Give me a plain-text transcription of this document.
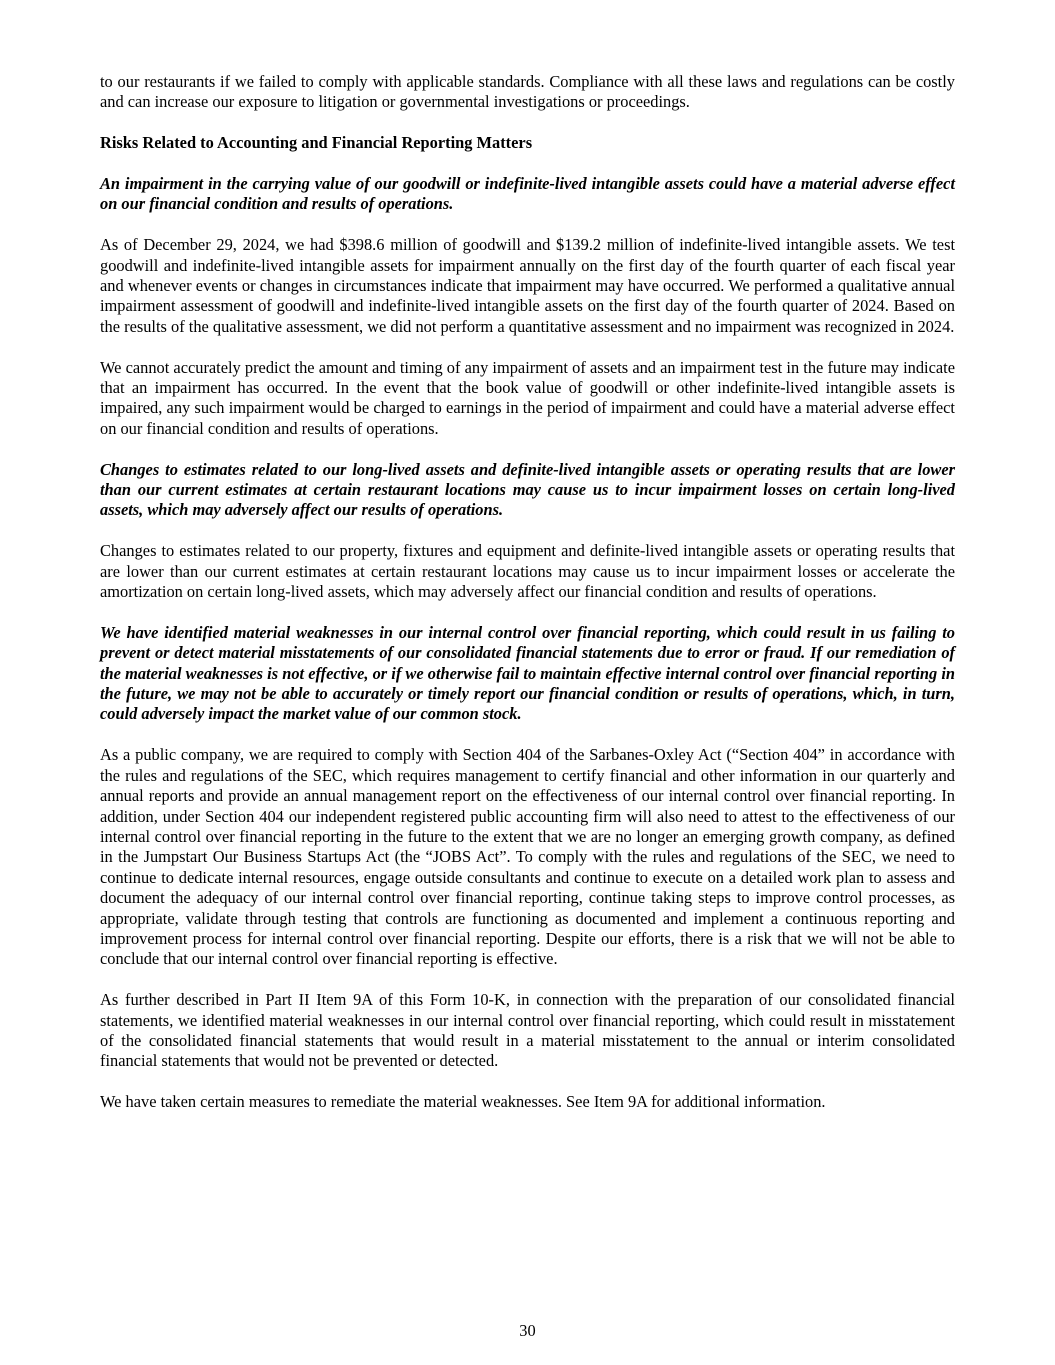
to our restaurants if we failed to comply with applicable standards. Compliance with all these laws and regulations can be costly and can increase our exposure to litigation or governmental investigations or proceedings.

Risks Related to Accounting and Financial Reporting Matters

An impairment in the carrying value of our goodwill or indefinite-lived intangible assets could have a material adverse effect on our financial condition and results of operations.

As of December 29, 2024, we had $398.6 million of goodwill and $139.2 million of indefinite-lived intangible assets. We test goodwill and indefinite-lived intangible assets for impairment annually on the first day of the fourth quarter of each fiscal year and whenever events or changes in circumstances indicate that impairment may have occurred. We performed a qualitative annual impairment assessment of goodwill and indefinite-lived intangible assets on the first day of the fourth quarter of 2024. Based on the results of the qualitative assessment, we did not perform a quantitative assessment and no impairment was recognized in 2024.

We cannot accurately predict the amount and timing of any impairment of assets and an impairment test in the future may indicate that an impairment has occurred. In the event that the book value of goodwill or other indefinite-lived intangible assets is impaired, any such impairment would be charged to earnings in the period of impairment and could have a material adverse effect on our financial condition and results of operations.

Changes to estimates related to our long-lived assets and definite-lived intangible assets or operating results that are lower than our current estimates at certain restaurant locations may cause us to incur impairment losses on certain long-lived assets, which may adversely affect our results of operations.

Changes to estimates related to our property, fixtures and equipment and definite-lived intangible assets or operating results that are lower than our current estimates at certain restaurant locations may cause us to incur impairment losses or accelerate the amortization on certain long-lived assets, which may adversely affect our financial condition and results of operations.

We have identified material weaknesses in our internal control over financial reporting, which could result in us failing to prevent or detect material misstatements of our consolidated financial statements due to error or fraud. If our remediation of the material weaknesses is not effective, or if we otherwise fail to maintain effective internal control over financial reporting in the future, we may not be able to accurately or timely report our financial condition or results of operations, which, in turn, could adversely impact the market value of our common stock.

As a public company, we are required to comply with Section 404 of the Sarbanes-Oxley Act (“Section 404” in accordance with the rules and regulations of the SEC, which requires management to certify financial and other information in our quarterly and annual reports and provide an annual management report on the effectiveness of our internal control over financial reporting. In addition, under Section 404 our independent registered public accounting firm will also need to attest to the effectiveness of our internal control over financial reporting in the future to the extent that we are no longer an emerging growth company, as defined in the Jumpstart Our Business Startups Act (the “JOBS Act”. To comply with the rules and regulations of the SEC, we need to continue to dedicate internal resources, engage outside consultants and continue to execute on a detailed work plan to assess and document the adequacy of our internal control over financial reporting, continue taking steps to improve control processes, as appropriate, validate through testing that controls are functioning as documented and implement a continuous reporting and improvement process for internal control over financial reporting. Despite our efforts, there is a risk that we will not be able to conclude that our internal control over financial reporting is effective.

As further described in Part II Item 9A of this Form 10-K, in connection with the preparation of our consolidated financial statements, we identified material weaknesses in our internal control over financial reporting, which could result in misstatement of the consolidated financial statements that would result in a material misstatement to the annual or interim consolidated financial statements that would not be prevented or detected.

We have taken certain measures to remediate the material weaknesses. See Item 9A for additional information.

30
